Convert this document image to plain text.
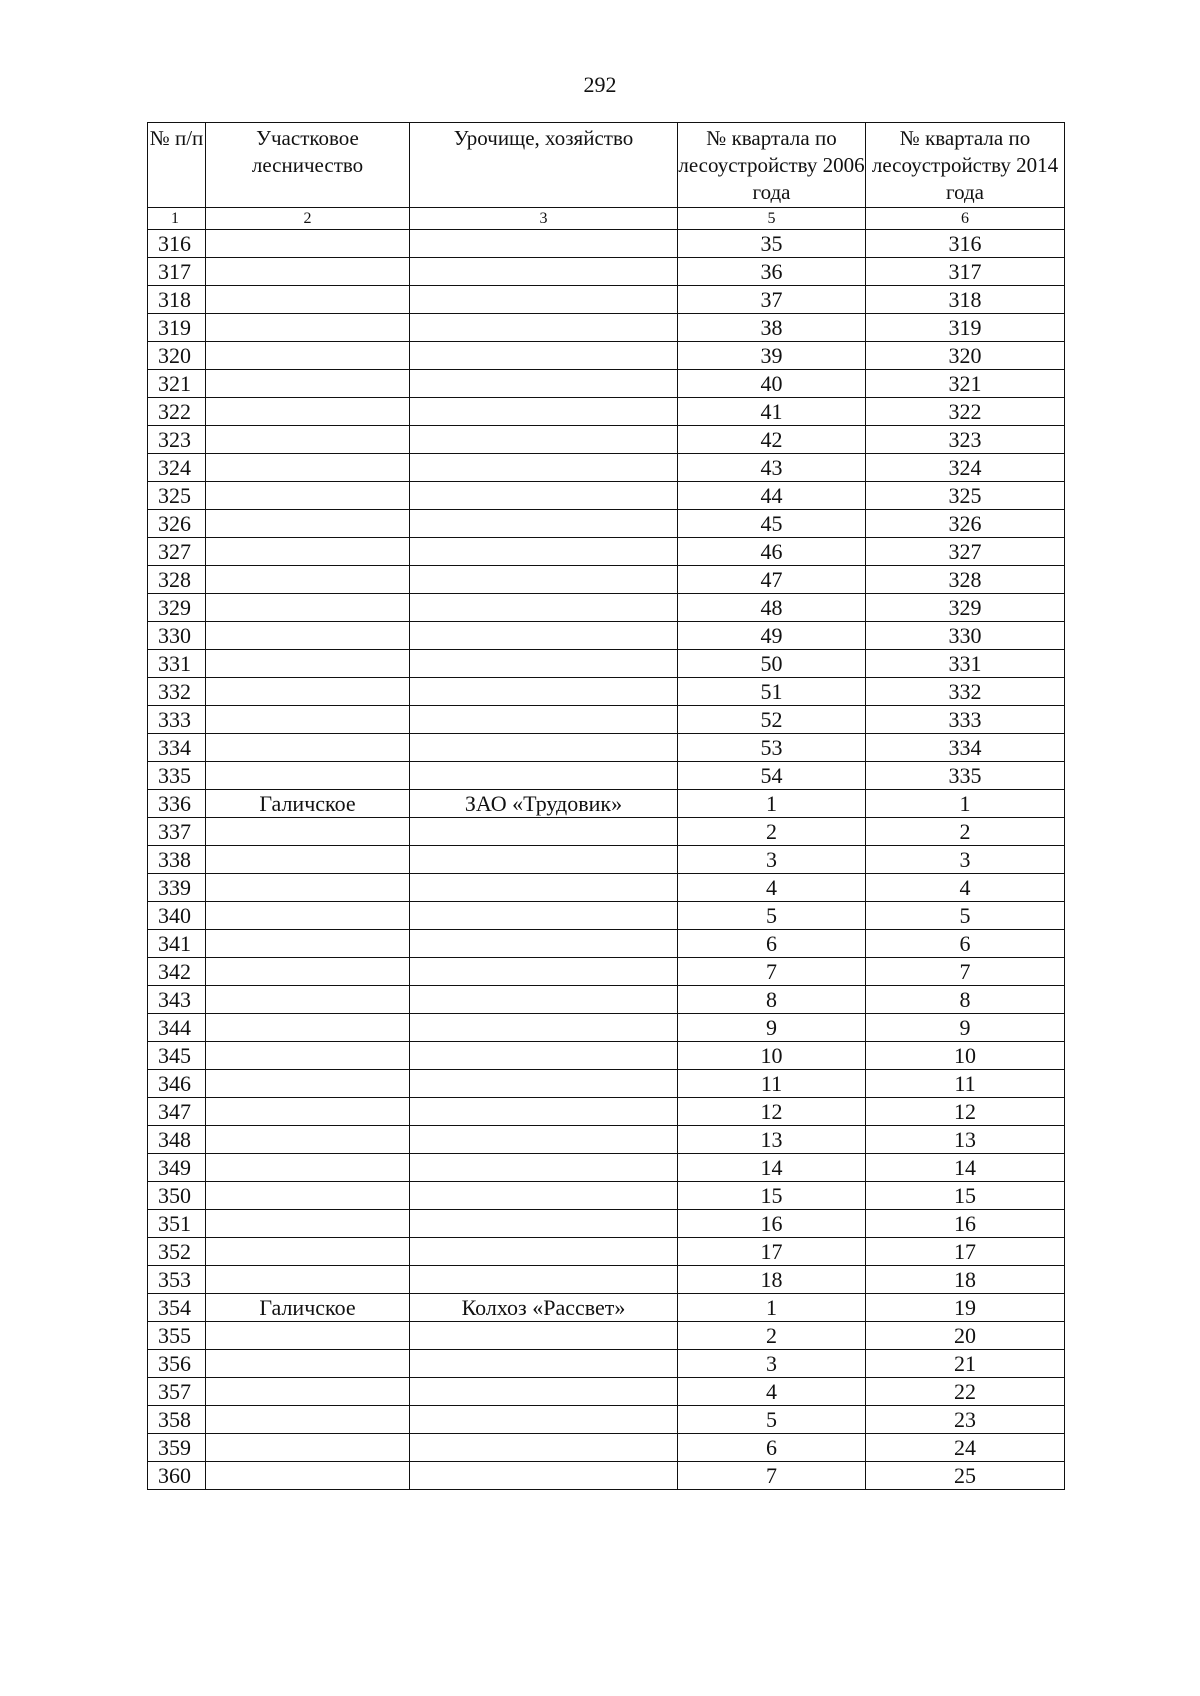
292
№ п/п	Участковое лесничество	Урочище, хозяйство	№ квартала по лесоустройству 2006 года	№ квартала по лесоустройству 2014 года
1	2	3	5	6
316			35	316
317			36	317
318			37	318
319			38	319
320			39	320
321			40	321
322			41	322
323			42	323
324			43	324
325			44	325
326			45	326
327			46	327
328			47	328
329			48	329
330			49	330
331			50	331
332			51	332
333			52	333
334			53	334
335			54	335
336	Галичское	ЗАО «Трудовик»	1	1
337			2	2
338			3	3
339			4	4
340			5	5
341			6	6
342			7	7
343			8	8
344			9	9
345			10	10
346			11	11
347			12	12
348			13	13
349			14	14
350			15	15
351			16	16
352			17	17
353			18	18
354	Галичское	Колхоз «Рассвет»	1	19
355			2	20
356			3	21
357			4	22
358			5	23
359			6	24
360			7	25
